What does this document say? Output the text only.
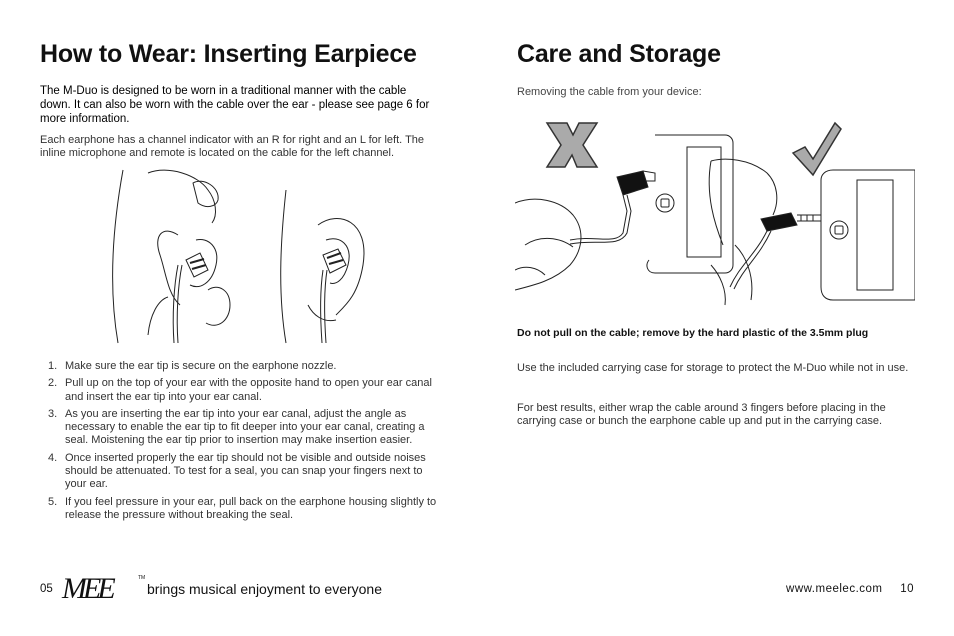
How to Wear: Inserting Earpiece

The M-Duo is designed to be worn in a traditional manner with the cable down. It can also be worn with the cable over the ear - please see page 6 for more information.

Each earphone has a channel indicator with an R for right and an L for left. The inline microphone and remote is located on the cable for the left channel.

1. Make sure the ear tip is secure on the earphone nozzle.
2. Pull up on the top of your ear with the opposite hand to open your ear canal and insert the ear tip into your ear canal.
3. As you are inserting the ear tip into your ear canal, adjust the angle as necessary to enable the ear tip to fit deeper into your ear canal, creating a seal. Moistening the ear tip prior to insertion may make insertion easier.
4. Once inserted properly the ear tip should not be visible and outside noises should be attenuated. To test for a seal, you can snap your fingers next to your ear.
5. If you feel pressure in your ear, pull back on the earphone housing slightly to release the pressure without breaking the seal.
05 MEE	TM
brings musical enjoyment to everyone
Care and Storage

Removing the cable from your device:

Do not pull on the cable; remove by the hard plastic of the 3.5mm plug

Use the included carrying case for storage to protect the M-Duo while not in use.

For best results, either wrap the cable around 3 fingers before placing in the carrying case or bunch the earphone cable up and put in the carrying case.

www.meelec.com 10
